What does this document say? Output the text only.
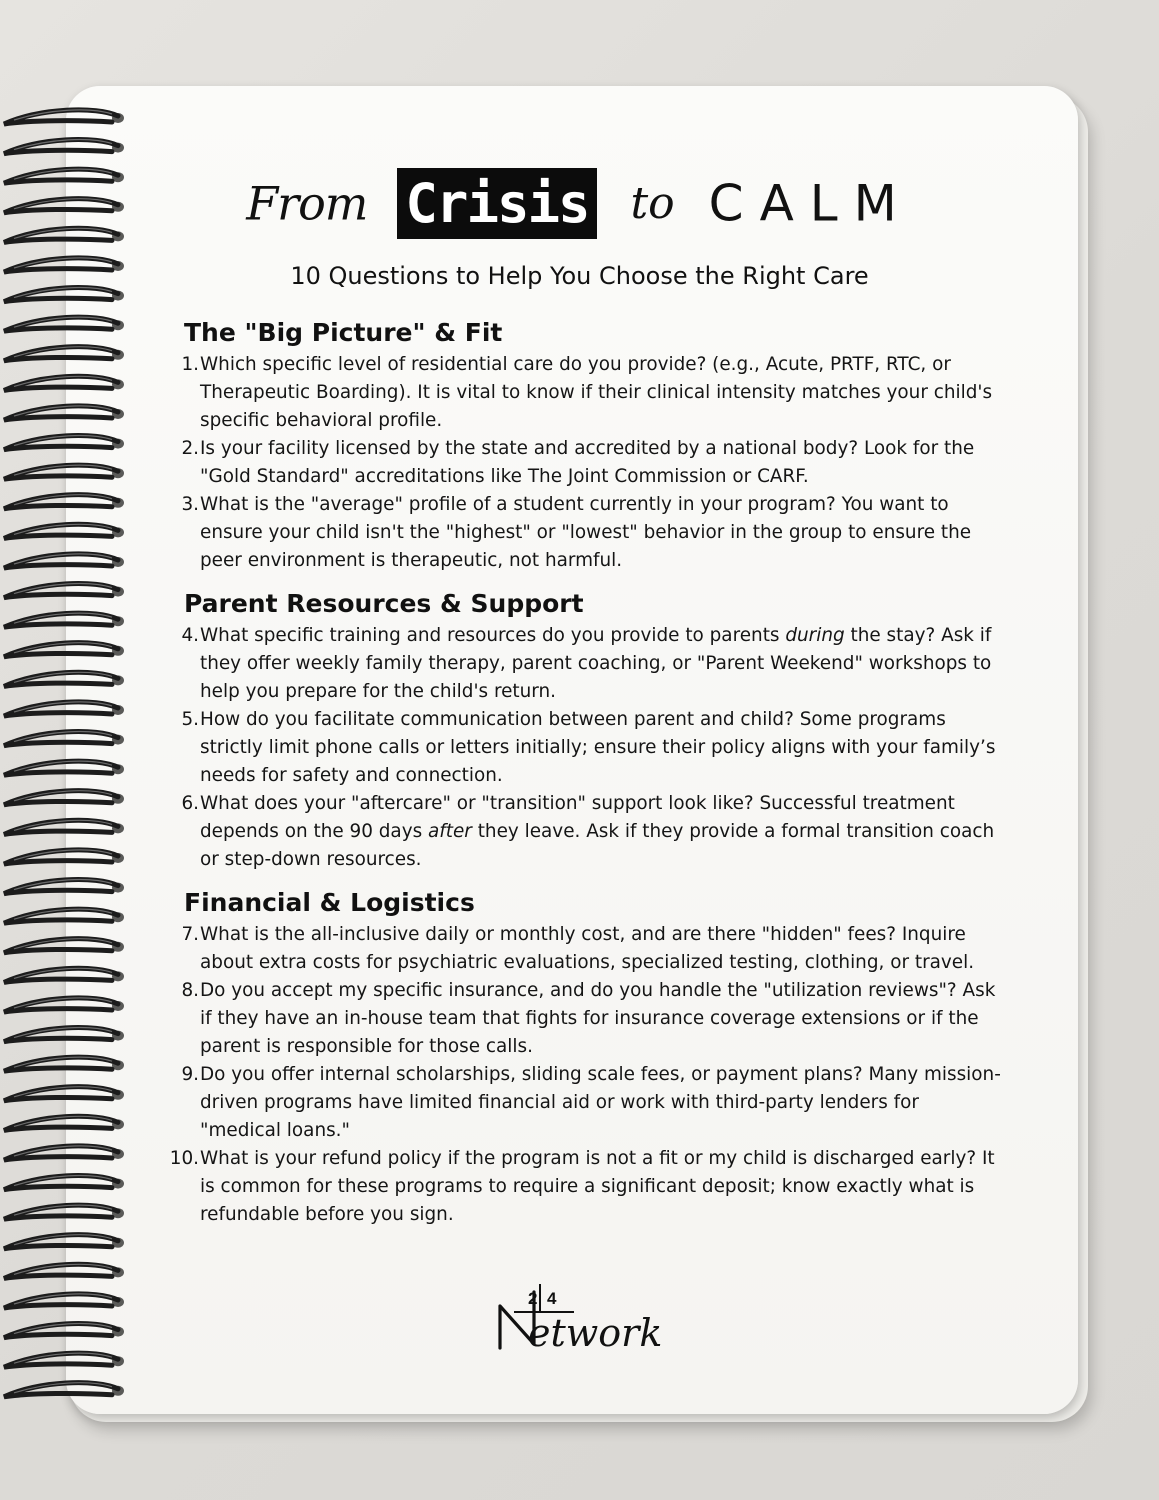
From Crisis to CALM
10 Questions to Help You Choose the Right Care
The "Big Picture" & Fit
1. Which specific level of residential care do you provide? (e.g., Acute, PRTF, RTC, or Therapeutic Boarding). It is vital to know if their clinical intensity matches your child's specific behavioral profile.
2. Is your facility licensed by the state and accredited by a national body? Look for the "Gold Standard" accreditations like The Joint Commission or CARF.
3. What is the "average" profile of a student currently in your program? You want to ensure your child isn't the "highest" or "lowest" behavior in the group to ensure the peer environment is therapeutic, not harmful.
Parent Resources & Support
4. What specific training and resources do you provide to parents during the stay? Ask if they offer weekly family therapy, parent coaching, or "Parent Weekend" workshops to help you prepare for the child's return.
5. How do you facilitate communication between parent and child? Some programs strictly limit phone calls or letters initially; ensure their policy aligns with your family’s needs for safety and connection.
6. What does your "aftercare" or "transition" support look like? Successful treatment depends on the 90 days after they leave. Ask if they provide a formal transition coach or step-down resources.
Financial & Logistics
7. What is the all-inclusive daily or monthly cost, and are there "hidden" fees? Inquire about extra costs for psychiatric evaluations, specialized testing, clothing, or travel.
8. Do you accept my specific insurance, and do you handle the "utilization reviews"? Ask if they have an in-house team that fights for insurance coverage extensions or if the parent is responsible for those calls.
9. Do you offer internal scholarships, sliding scale fees, or payment plans? Many mission-driven programs have limited financial aid or work with third-party lenders for "medical loans."
10. What is your refund policy if the program is not a fit or my child is discharged early? It is common for these programs to require a significant deposit; know exactly what is refundable before you sign.
2 4
etwork
